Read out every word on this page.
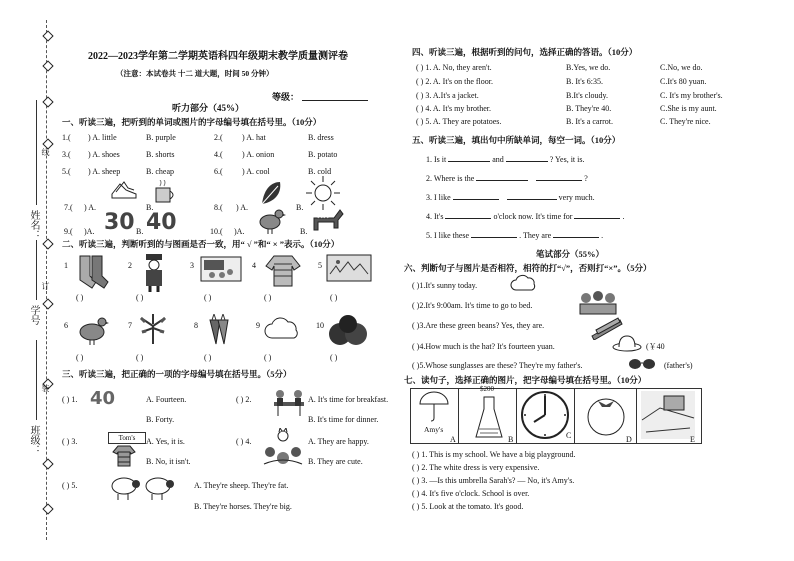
姓名：
学号
班级：
线
订
装
2022—2023学年第二学期英语科四年级期末教学质量测评卷
（注意：本试卷共 十二 道大题，时间 50 分钟）
等级：
听力部分（45%）
一、听读三遍，把听到的单词或图片的字母编号填在括号里。（10分）
1.( ) A. little	B. purple	2.( ) A. hat	B. dress
3.( ) A. shoes	B. shorts	4.( ) A. onion	B. potato
5.( ) A. sheep	B. cheap	6.( ) A. cool	B. cold
7.( ) A.	B.	8.( ) A.	B.
9.( )A. 30 B. 40	10.( )A.	B.
二、听读三遍，判断听到的与图画是否一致，用“ √ ”和“ × ”表示。（10分）
1	2	3	4	5
( )	( )	( )	( )	( )
6	7	8	9	10
( )	( )	( )	( )	( )
三、听读三遍，把正确的一项的字母编号填在括号里。（5分）
( ) 1. 40	A. Fourteen.
B. Forty.
( ) 2.	A. It's time for breakfast.
B. It's time for dinner.
( ) 3.	Tom's	A. Yes, it is.
B. No, it isn't.
( ) 4.	A. They are happy.
B. They are cute.
( ) 5.	A. They're sheep. They're fat.
B. They're horses. They're big.
四、听读三遍，根据听到的问句，选择正确的答语。（10分）
( ) 1. A. No, they aren't.	B.Yes, we do.	C.No, we do.
( ) 2. A. It's on the floor.	B. It's 6:35.	C.It's 80 yuan.
( ) 3. A.It's a jacket.	B.It's cloudy.	C. It's my brother's.
( ) 4. A. It's my brother.	B. They're 40.	C.She is my aunt.
( ) 5. A. They are potatoes.	B. It's a carrot.	C. They're nice.
五、听读三遍，填出句中所缺单词，每空一词。（10分）
1. Is it	and	? Yes, it is.
2. Where is the	?
3. I like	very much.
4. It's	o'clock now. It's time for	.
5. I like these	. They are	.
笔试部分（55%）
六、判断句子与图片是否相符，相符的打“√”，否则打“×”。（5分）
( )1.It's sunny today.
( )2.It's 9:00am. It's time to go to bed.
( )3.Are these green beans? Yes, they are.
( )4.How much is the hat? It's fourteen yuan.	(￥40
( )5.Whose sunglasses are these? They're my father's.	(father's)
七、读句子，选择正确的图片，把字母编号填在括号里。（10分）
Amy's
$200
A	B	C	D	E
( ) 1. This is my school. We have a big playground.
( ) 2. The white dress is very expensive.
( ) 3. —Is this umbrella Sarah's? — No, it's Amy's.
( ) 4. It's five o'clock. School is over.
( ) 5. Look at the tomato. It's good.
